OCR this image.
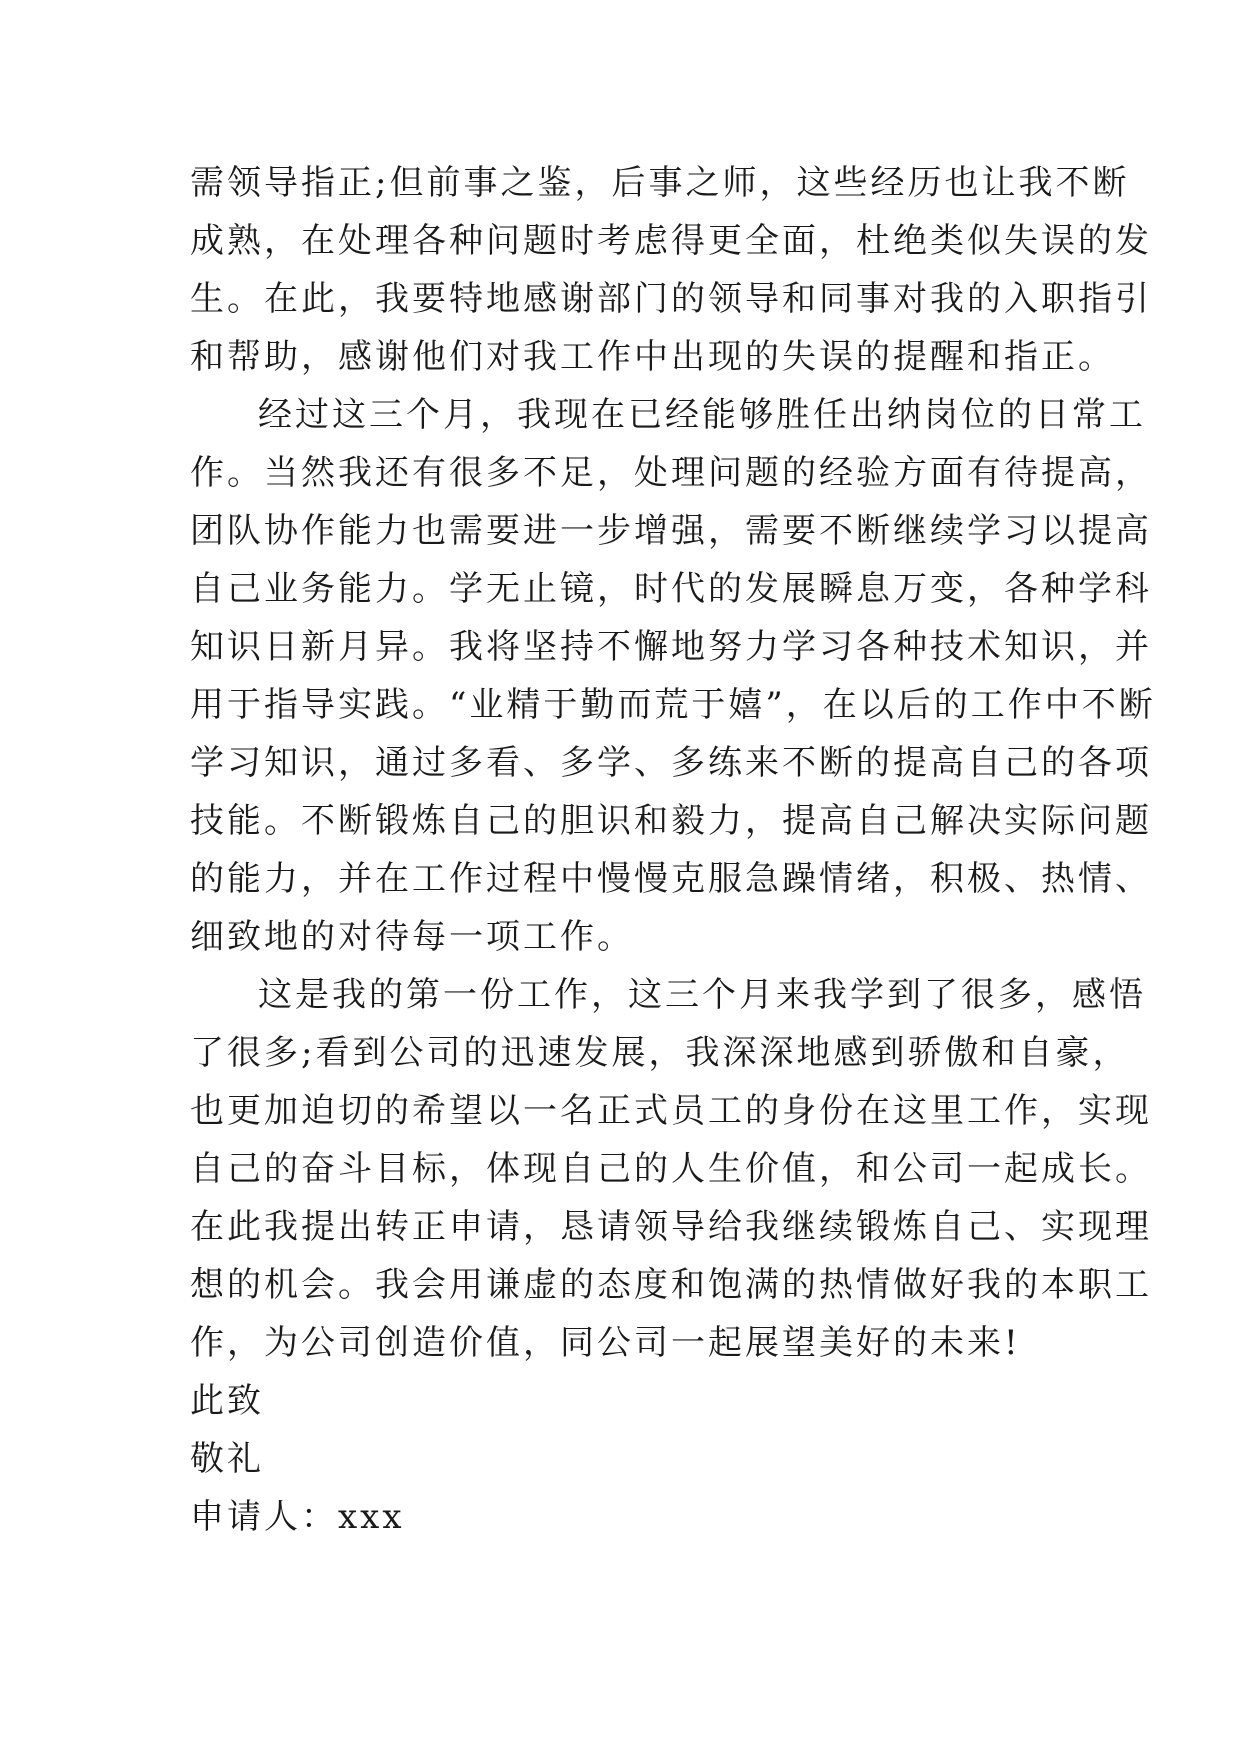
需领导指正;但前事之鉴，后事之师，这些经历也让我不断
成熟，在处理各种问题时考虑得更全面，杜绝类似失误的发
生。在此，我要特地感谢部门的领导和同事对我的入职指引
和帮助，感谢他们对我工作中出现的失误的提醒和指正。
经过这三个月，我现在已经能够胜任出纳岗位的日常工
作。当然我还有很多不足，处理问题的经验方面有待提高，
团队协作能力也需要进一步增强，需要不断继续学习以提高
自己业务能力。学无止镜，时代的发展瞬息万变，各种学科
知识日新月异。我将坚持不懈地努力学习各种技术知识，并
用于指导实践。“业精于勤而荒于嬉”，在以后的工作中不断
学习知识，通过多看、多学、多练来不断的提高自己的各项
技能。不断锻炼自己的胆识和毅力，提高自己解决实际问题
的能力，并在工作过程中慢慢克服急躁情绪，积极、热情、
细致地的对待每一项工作。
这是我的第一份工作，这三个月来我学到了很多，感悟
了很多;看到公司的迅速发展，我深深地感到骄傲和自豪，
也更加迫切的希望以一名正式员工的身份在这里工作，实现
自己的奋斗目标，体现自己的人生价值，和公司一起成长。
在此我提出转正申请，恳请领导给我继续锻炼自己、实现理
想的机会。我会用谦虚的态度和饱满的热情做好我的本职工
作，为公司创造价值，同公司一起展望美好的未来!
此致
敬礼
申请人：xxx
